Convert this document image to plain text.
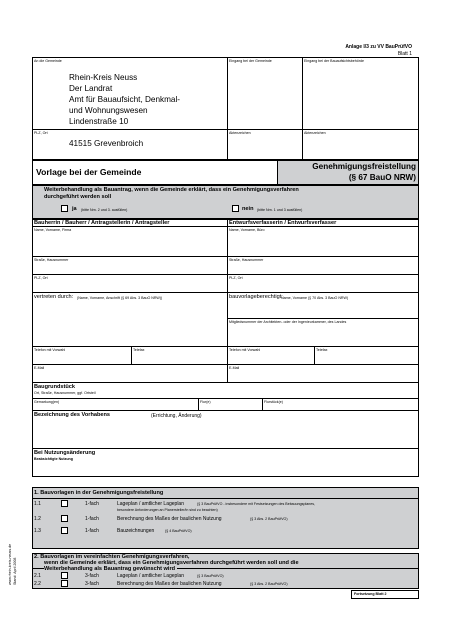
Anlage I/3 zu VV BauPrüfVO
Blatt 1
An die Gemeinde	Eingang bei der Gemeinde	Eingang bei der Bauaufsichtsbehörde
Rhein-Kreis Neuss
Der Landrat
Amt für Bauaufsicht, Denkmal-
und Wohnungswesen
Lindenstraße 10
PLZ, Ort
41515 Grevenbroich
Aktenzeichen	Aktenzeichen
Vorlage bei der Gemeinde
Genehmigungsfreistellung
(§ 67 BauO NRW)
Weiterbehandlung als Bauantrag, wenn die Gemeinde erklärt, dass ein Genehmigungsverfahren
durchgeführt werden soll
ja (bitte Nrn. 2 und 3. ausfüllen)	nein (bitte Nrn. 1 und 3 ausfüllen)
Bauherrin / Bauherr / Antragstellerin / Antragsteller	Entwurfsverfasserin / Entwurfsverfasser
Name, Vorname, Firma	Name, Vorname, Büro
Straße, Hausnummer	Straße, Hausnummer
PLZ, Ort	PLZ, Ort
vertreten durch: (Name, Vorname, Anschrift (§ 69 Abs. 3 BauO NRW))	bauvorlageberechtigt:
Name, Vorname (§ 70 Abs. 3 BauO NRW)
Mitgliedsnummer der Architekten- oder der Ingenieurkammer, des Landes
Telefon mit Vorwahl	Telefax	Telefon mit Vorwahl	Telefax
E-Mail	E-Mail
Baugrundstück
Ort, Straße, Hausnummer, ggf. Ortsteil
Gemarkung(en)	Flur(e)	Flurstück(e)
Bezeichnung des Vorhabens	(Errichtung, Änderung)
Bei Nutzungsänderung
Beabsichtigte Nutzung
1. Bauvorlagen in der Genehmigungsfreistellung
1.1	1-fach	Lageplan / amtlicher Lageplan	(§ 3 BauPrüfVO - insbesondere mit Festsetzungen des Bebauungsplanes,
besondere Anforderungen an Planersteller/in sind zu beachten)
1.2	1-fach	Berechnung des Maßes der baulichen Nutzung	(§ 3 Abs. 2 BauPrüfVO)
1.3	1-fach	Bauzeichnungen	(§ 4 BauPrüfVO)
2. Bauvorlagen im vereinfachten Genehmigungsverfahren,
wenn die Gemeinde erklärt, dass ein Genehmigungsverfahren durchgeführt werden soll und die
Weiterbehandlung als Bauantrag gewünscht wird
2.1	3-fach	Lageplan / amtlicher Lageplan	(§ 3 BauPrüfVO)
2.2	3-fach	Berechnung des Maßes der baulichen Nutzung	(§ 3 Abs. 2 BauPrüfVO)
Fortsetzung Blatt 2
www.rhein-kreis-neuss.de Stand: April 2008
